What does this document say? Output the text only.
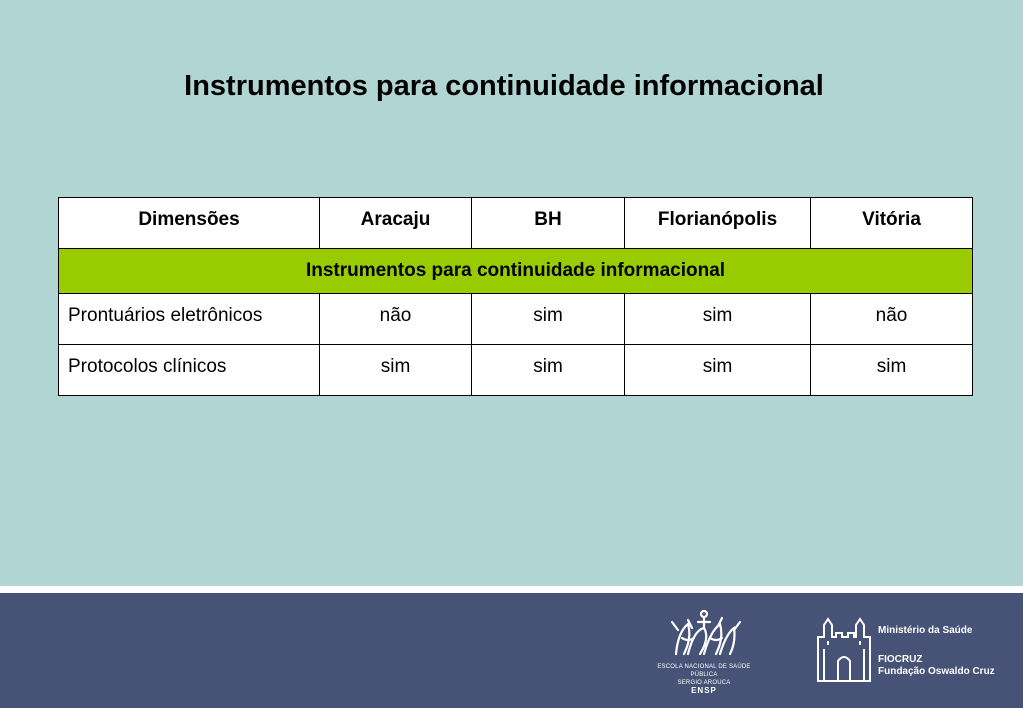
Instrumentos para continuidade informacional
Dimensões	Aracaju	BH	Florianópolis	Vitória
Instrumentos para continuidade informacional				
Prontuários eletrônicos	não	sim	sim	não
Protocolos clínicos	sim	sim	sim	sim
ESCOLA NACIONAL DE SAÚDE PÚBLICA
SERGIO AROUCA
ENSP
Ministério da Saúde
FIOCRUZ
Fundação Oswaldo Cruz
